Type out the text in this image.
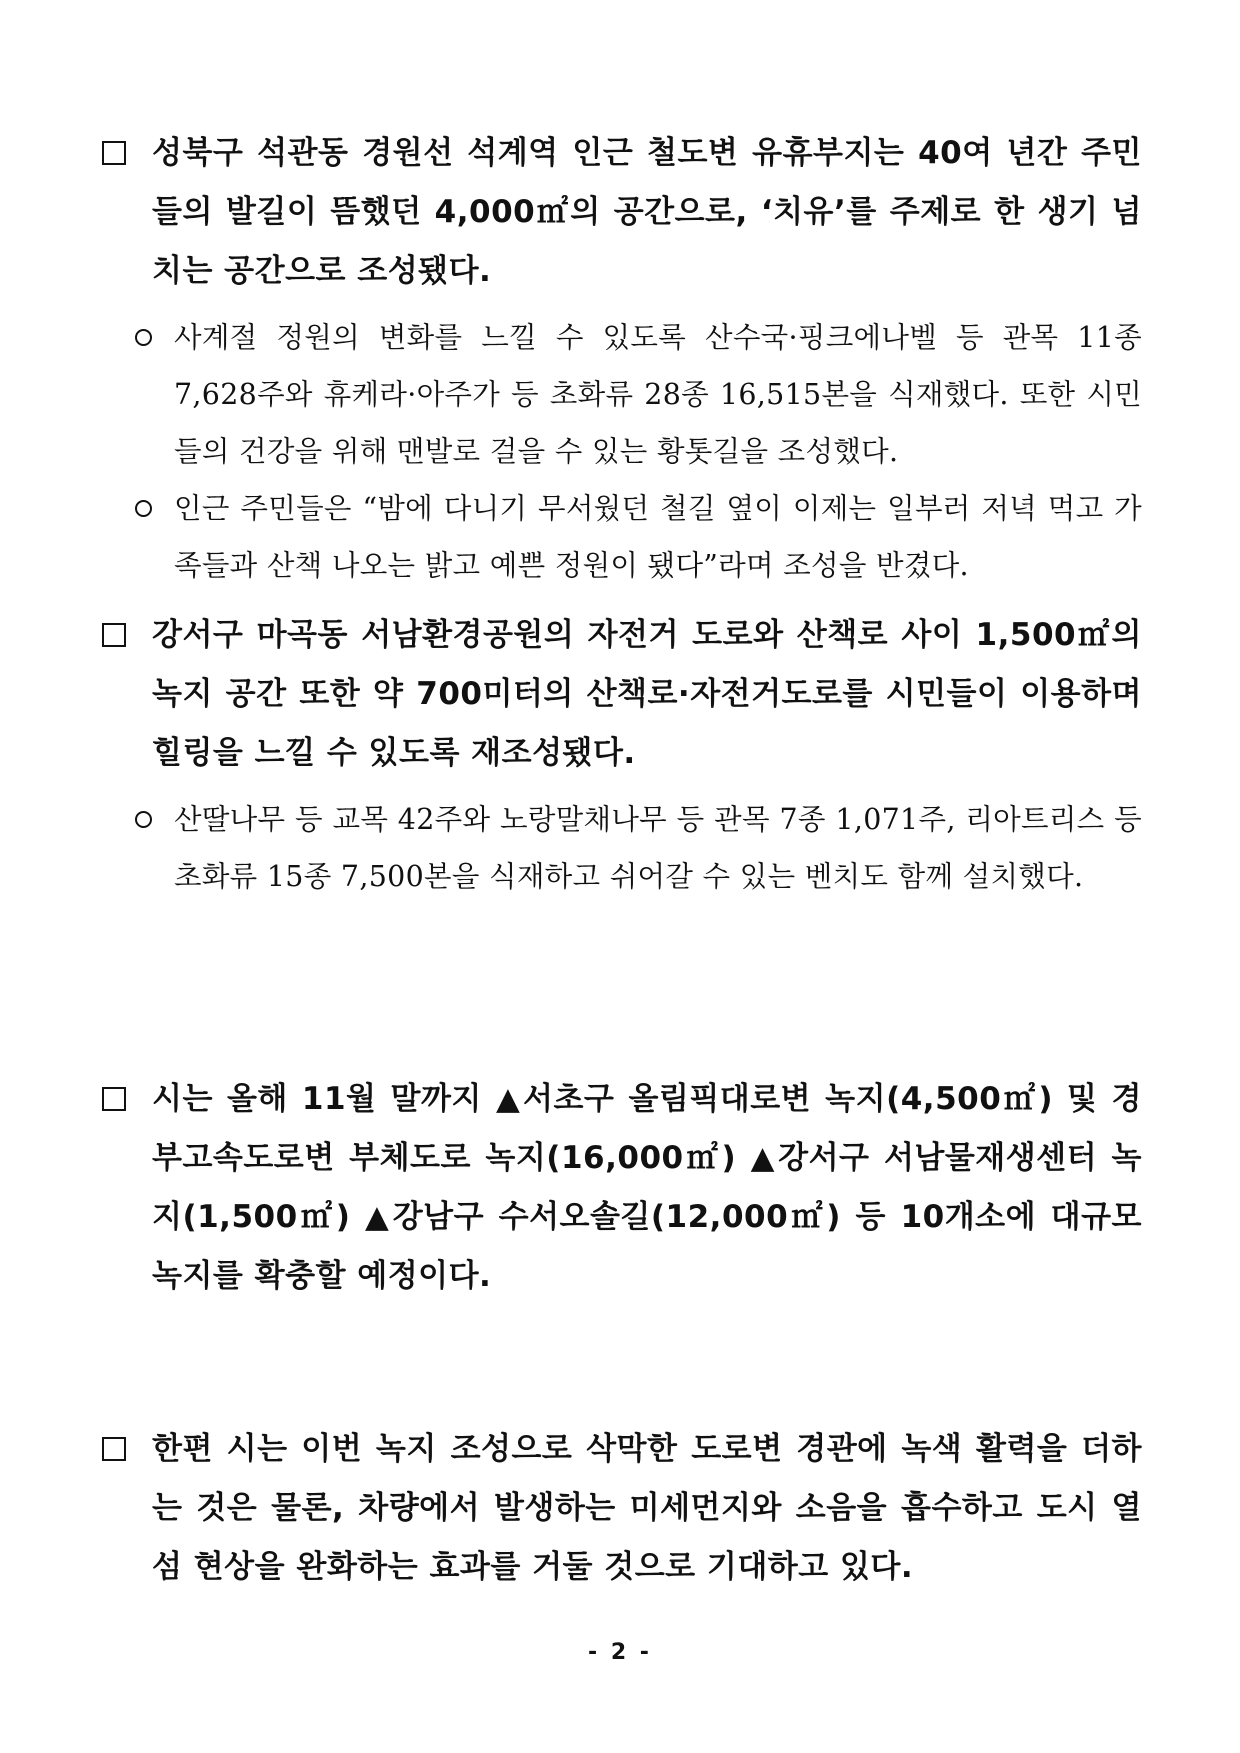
성북구 석관동 경원선 석계역 인근 철도변 유휴부지는 40여 년간 주민들의 발길이 뜸했던 4,000㎡의 공간으로, ‘치유’를 주제로 한 생기 넘치는 공간으로 조성됐다.
사계절 정원의 변화를 느낄 수 있도록 산수국·핑크에나벨 등 관목 11종 7,628주와 휴케라·아주가 등 초화류 28종 16,515본을 식재했다. 또한 시민들의 건강을 위해 맨발로 걸을 수 있는 황톳길을 조성했다.
인근 주민들은 “밤에 다니기 무서웠던 철길 옆이 이제는 일부러 저녁 먹고 가족들과 산책 나오는 밝고 예쁜 정원이 됐다”라며 조성을 반겼다.
강서구 마곡동 서남환경공원의 자전거 도로와 산책로 사이 1,500㎡의 녹지 공간 또한 약 700미터의 산책로·자전거도로를 시민들이 이용하며 힐링을 느낄 수 있도록 재조성됐다.
산딸나무 등 교목 42주와 노랑말채나무 등 관목 7종 1,071주, 리아트리스 등 초화류 15종 7,500본을 식재하고 쉬어갈 수 있는 벤치도 함께 설치했다.
시는 올해 11월 말까지 ▲서초구 올림픽대로변 녹지(4,500㎡) 및 경부고속도로변 부체도로 녹지(16,000㎡) ▲강서구 서남물재생센터 녹지(1,500㎡) ▲강남구 수서오솔길(12,000㎡) 등 10개소에 대규모 녹지를 확충할 예정이다.
한편 시는 이번 녹지 조성으로 삭막한 도로변 경관에 녹색 활력을 더하는 것은 물론, 차량에서 발생하는 미세먼지와 소음을 흡수하고 도시 열섬 현상을 완화하는 효과를 거둘 것으로 기대하고 있다.
- 2 -
